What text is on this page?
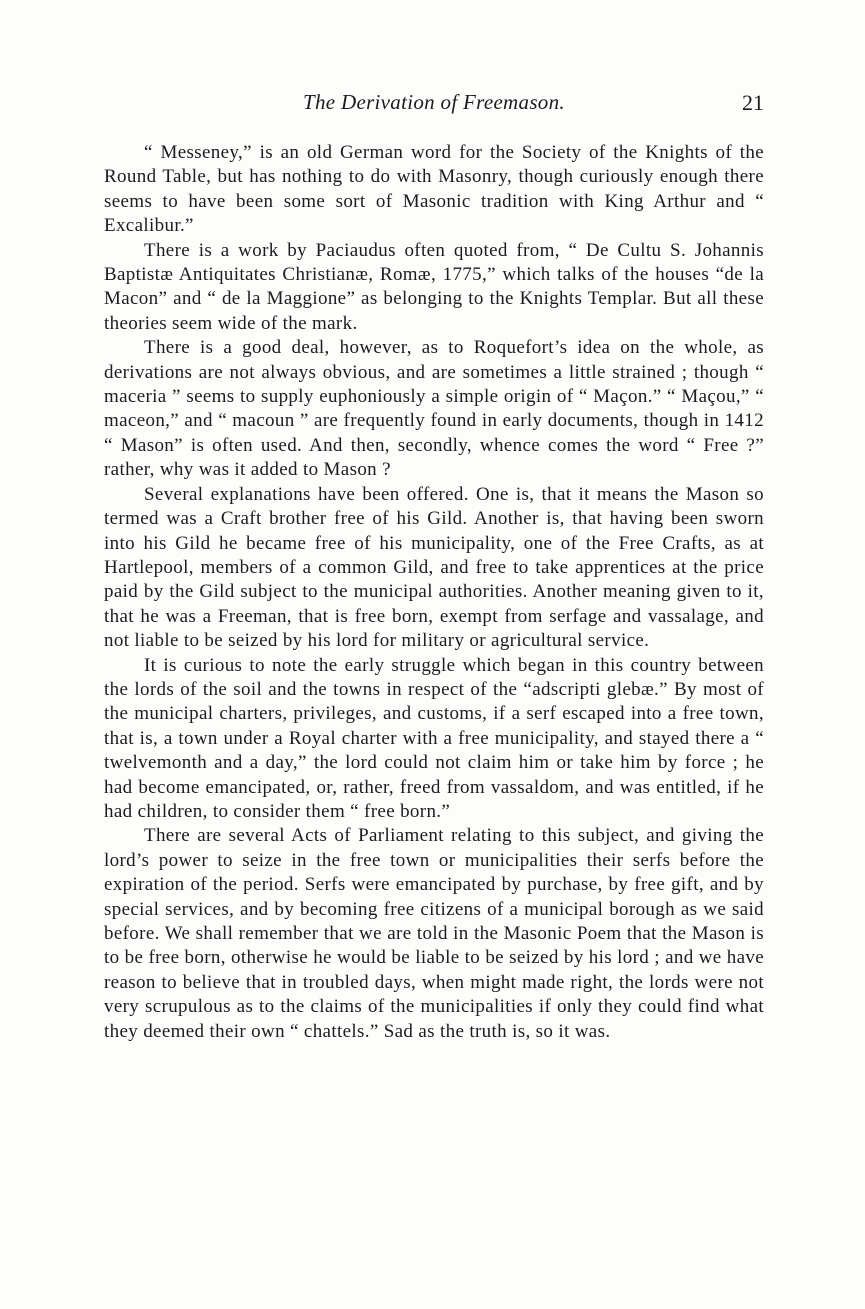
The Derivation of Freemason.	21

“ Messeney,” is an old German word for the Society of the Knights of the Round Table, but has nothing to do with Masonry, though curiously enough there seems to have been some sort of Masonic tradition with King Arthur and “ Excalibur.”

There is a work by Paciaudus often quoted from, “ De Cultu S. Johannis Baptistæ Antiquitates Christianæ, Romæ, 1775,” which talks of the houses “de la Macon” and “ de la Maggione” as belonging to the Knights Templar. But all these theories seem wide of the mark.

There is a good deal, however, as to Roquefort’s idea on the whole, as derivations are not always obvious, and are sometimes a little strained ; though “ maceria ” seems to supply euphoniously a simple origin of “ Maçon.” “ Maçou,” “ maceon,” and “ macoun ” are frequently found in early documents, though in 1412 “ Mason” is often used. And then, secondly, whence comes the word “ Free ?” rather, why was it added to Mason ?

Several explanations have been offered. One is, that it means the Mason so termed was a Craft brother free of his Gild. Another is, that having been sworn into his Gild he became free of his municipality, one of the Free Crafts, as at Hartlepool, members of a common Gild, and free to take apprentices at the price paid by the Gild subject to the municipal authorities. Another meaning given to it, that he was a Freeman, that is free born, exempt from serfage and vassalage, and not liable to be seized by his lord for military or agricultural service.

It is curious to note the early struggle which began in this country between the lords of the soil and the towns in respect of the “adscripti glebæ.” By most of the municipal charters, privileges, and customs, if a serf escaped into a free town, that is, a town under a Royal charter with a free municipality, and stayed there a “ twelvemonth and a day,” the lord could not claim him or take him by force ; he had become emancipated, or, rather, freed from vassaldom, and was entitled, if he had children, to consider them “ free born.”

There are several Acts of Parliament relating to this subject, and giving the lord’s power to seize in the free town or municipalities their serfs before the expiration of the period. Serfs were emancipated by purchase, by free gift, and by special services, and by becoming free citizens of a municipal borough as we said before. We shall remember that we are told in the Masonic Poem that the Mason is to be free born, otherwise he would be liable to be seized by his lord ; and we have reason to believe that in troubled days, when might made right, the lords were not very scrupulous as to the claims of the municipalities if only they could find what they deemed their own “ chattels.” Sad as the truth is, so it was.
